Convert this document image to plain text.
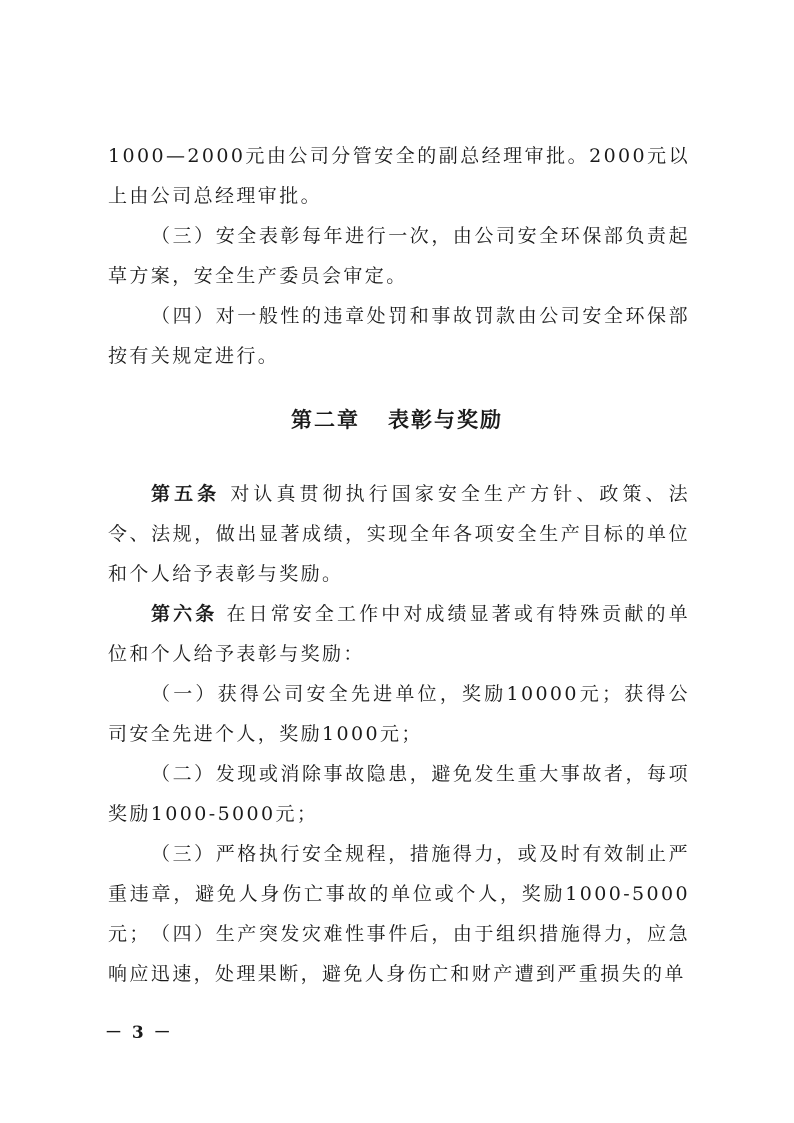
1000—2000元由公司分管安全的副总经理审批。2000元以上由公司总经理审批。

（三）安全表彰每年进行一次，由公司安全环保部负责起草方案，安全生产委员会审定。

（四）对一般性的违章处罚和事故罚款由公司安全环保部按有关规定进行。

第二章 表彰与奖励

第五条 对认真贯彻执行国家安全生产方针、政策、法令、法规，做出显著成绩，实现全年各项安全生产目标的单位和个人给予表彰与奖励。

第六条 在日常安全工作中对成绩显著或有特殊贡献的单位和个人给予表彰与奖励：

（一）获得公司安全先进单位，奖励10000元；获得公司安全先进个人，奖励1000元；

（二）发现或消除事故隐患，避免发生重大事故者，每项奖励1000-5000元；

（三）严格执行安全规程，措施得力，或及时有效制止严重违章，避免人身伤亡事故的单位或个人，奖励1000-5000元； （四）生产突发灾难性事件后，由于组织措施得力，应急响应迅速，处理果断，避免人身伤亡和财产遭到严重损失的单

－ 3 －
